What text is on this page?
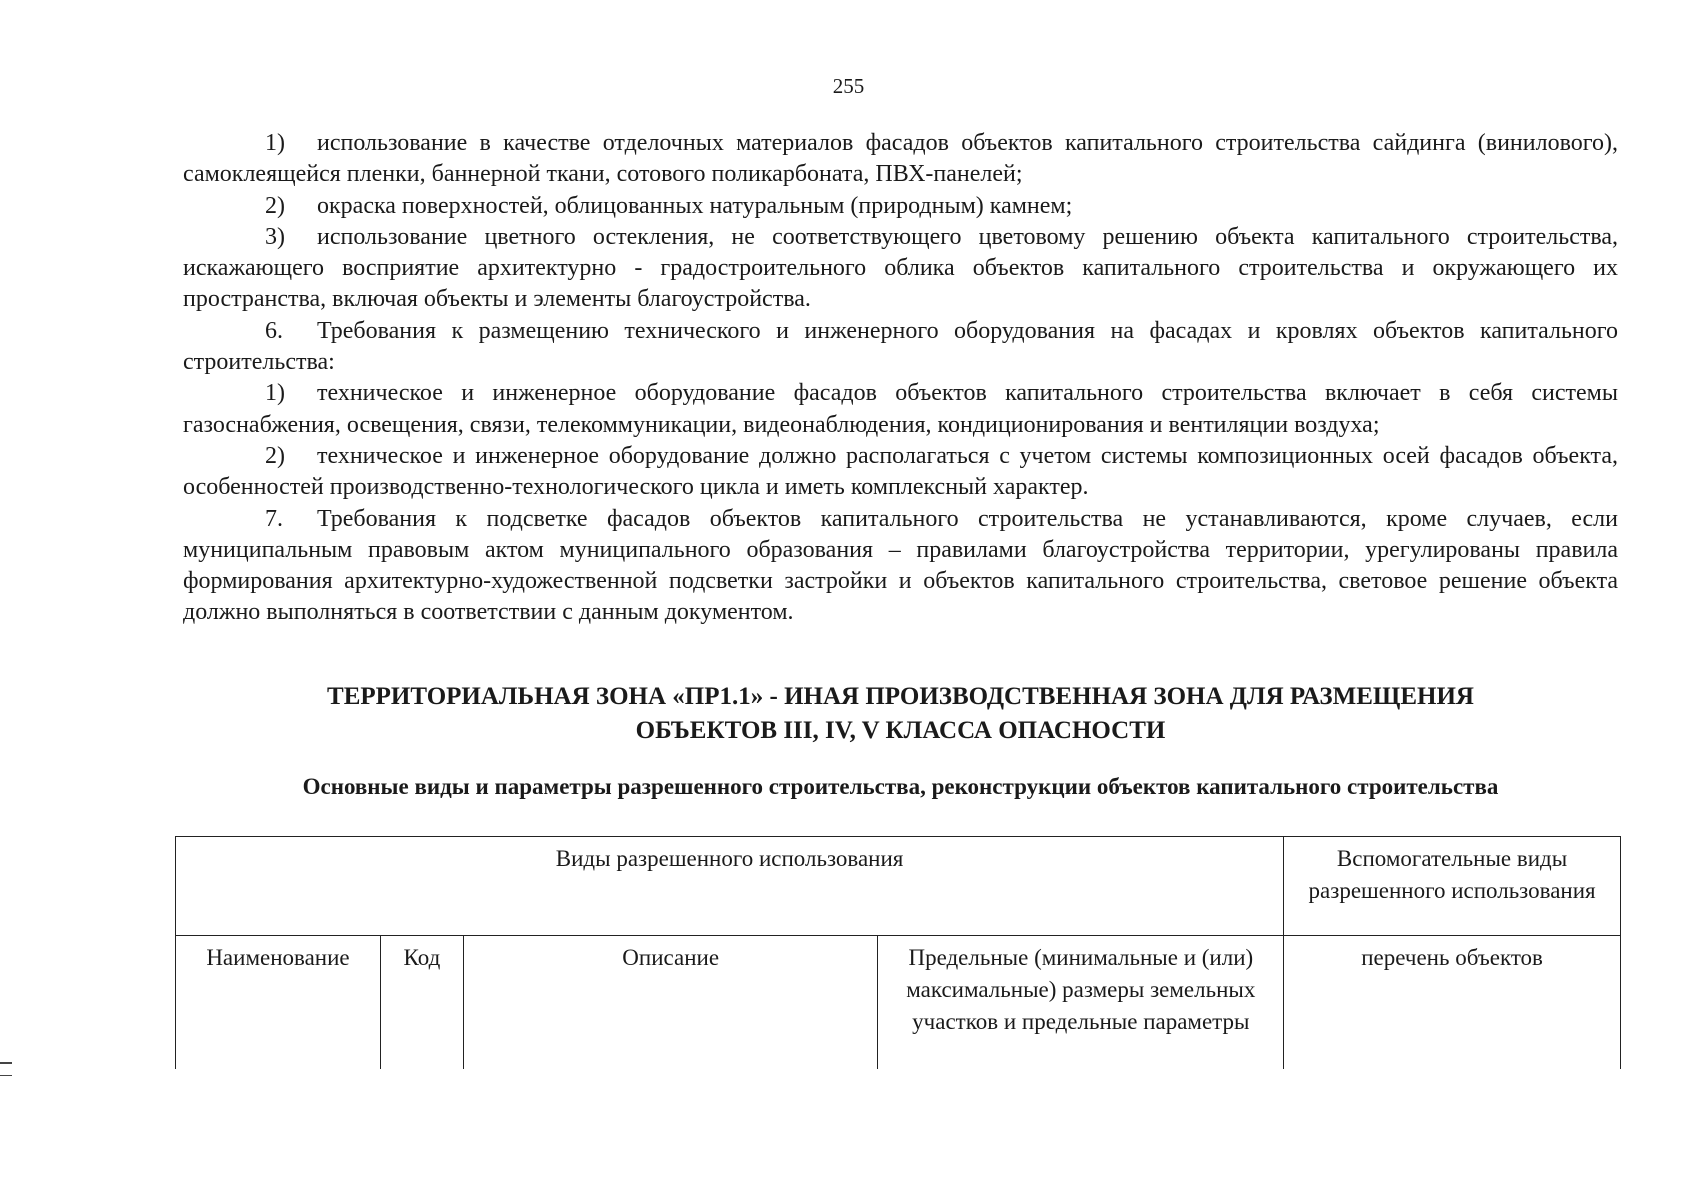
255

1) использование в качестве отделочных материалов фасадов объектов капитального строительства сайдинга (винилового), самоклеящейся пленки, баннерной ткани, сотового поликарбоната, ПВХ-панелей;

2) окраска поверхностей, облицованных натуральным (природным) камнем;

3) использование цветного остекления, не соответствующего цветовому решению объекта капитального строительства, искажающего восприятие архитектурно - градостроительного облика объектов капитального строительства и окружающего их пространства, включая объекты и элементы благоустройства.

6. Требования к размещению технического и инженерного оборудования на фасадах и кровлях объектов капитального строительства:

1) техническое и инженерное оборудование фасадов объектов капитального строительства включает в себя системы газоснабжения, освещения, связи, телекоммуникации, видеонаблюдения, кондиционирования и вентиляции воздуха;

2) техническое и инженерное оборудование должно располагаться с учетом системы композиционных осей фасадов объекта, особенностей производственно-технологического цикла и иметь комплексный характер.

7. Требования к подсветке фасадов объектов капитального строительства не устанавливаются, кроме случаев, если муниципальным правовым актом муниципального образования – правилами благоустройства территории, урегулированы правила формирования архитектурно-художественной подсветки застройки и объектов капитального строительства, световое решение объекта должно выполняться в соответствии с данным документом.

ТЕРРИТОРИАЛЬНАЯ ЗОНА «ПР1.1» - ИНАЯ ПРОИЗВОДСТВЕННАЯ ЗОНА ДЛЯ РАЗМЕЩЕНИЯ
ОБЪЕКТОВ III, IV, V КЛАССА ОПАСНОСТИ
Основные виды и параметры разрешенного строительства, реконструкции объектов капитального строительства
Виды разрешенного использования				Вспомогательные виды разрешенного использования
Наименование	Код	Описание	Предельные (минимальные и (или) максимальные) размеры земельных участков и предельные параметры	перечень объектов
